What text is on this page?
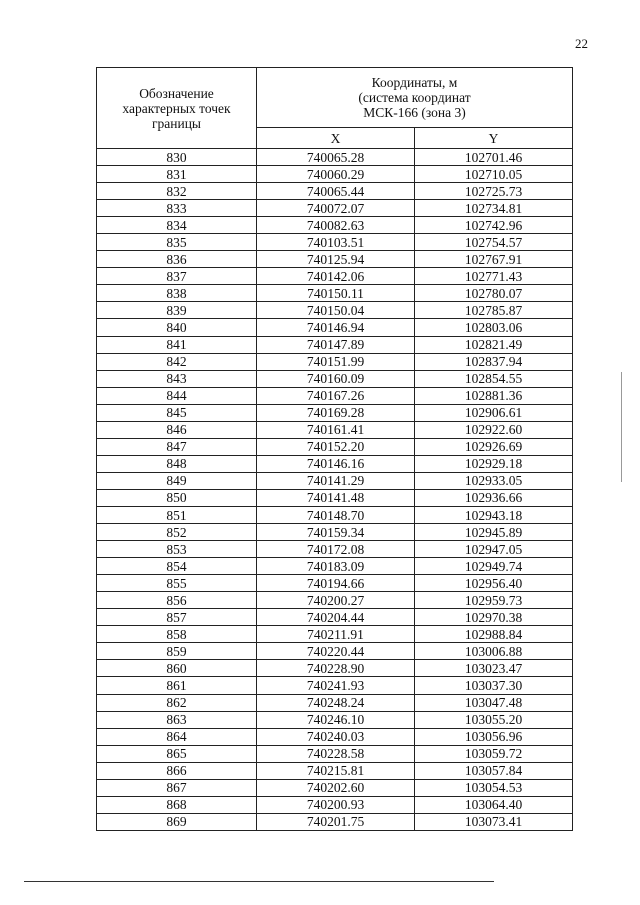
22
Обозначение характерных точек границы	Координаты, м
(система координат
МСК-166 (зона 3)	

	X	Y
830	740065.28	102701.46
831	740060.29	102710.05
832	740065.44	102725.73
833	740072.07	102734.81
834	740082.63	102742.96
835	740103.51	102754.57
836	740125.94	102767.91
837	740142.06	102771.43
838	740150.11	102780.07
839	740150.04	102785.87
840	740146.94	102803.06
841	740147.89	102821.49
842	740151.99	102837.94
843	740160.09	102854.55
844	740167.26	102881.36
845	740169.28	102906.61
846	740161.41	102922.60
847	740152.20	102926.69
848	740146.16	102929.18
849	740141.29	102933.05
850	740141.48	102936.66
851	740148.70	102943.18
852	740159.34	102945.89
853	740172.08	102947.05
854	740183.09	102949.74
855	740194.66	102956.40
856	740200.27	102959.73
857	740204.44	102970.38
858	740211.91	102988.84
859	740220.44	103006.88
860	740228.90	103023.47
861	740241.93	103037.30
862	740248.24	103047.48
863	740246.10	103055.20
864	740240.03	103056.96
865	740228.58	103059.72
866	740215.81	103057.84
867	740202.60	103054.53
868	740200.93	103064.40
869	740201.75	103073.41
